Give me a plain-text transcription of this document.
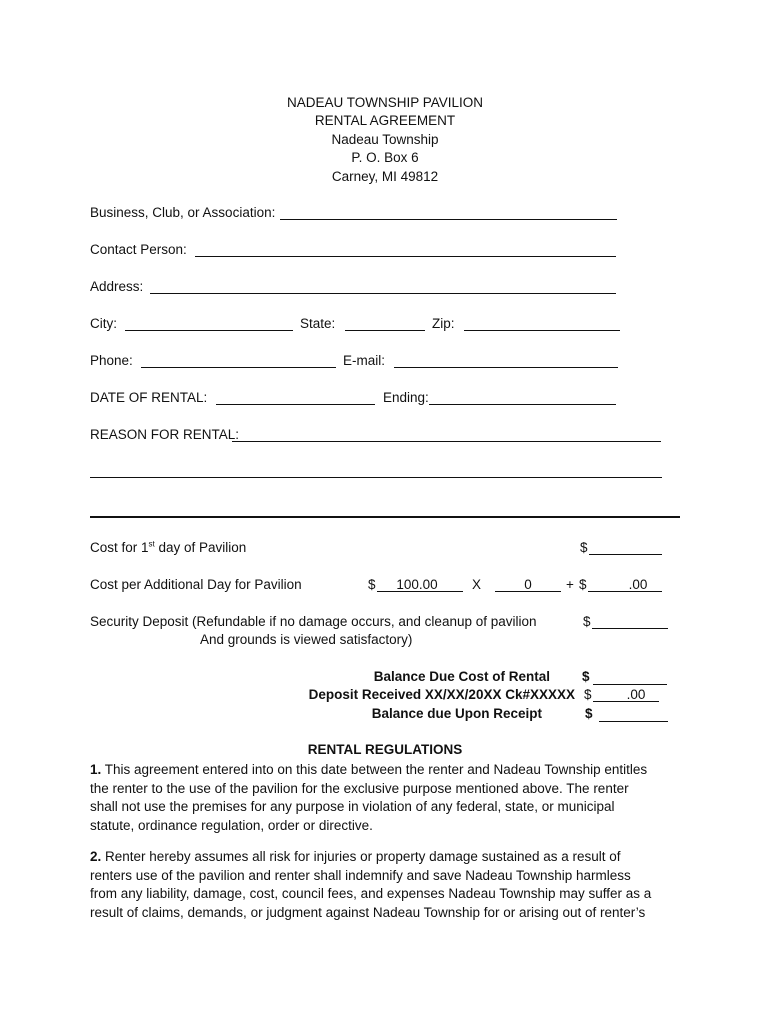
NADEAU TOWNSHIP PAVILION
RENTAL AGREEMENT
Nadeau Township
P. O. Box 6
Carney, MI 49812
Business, Club, or Association:
Contact Person:
Address:
City:	State:	Zip:
Phone:	E-mail:
DATE OF RENTAL:	Ending:
REASON FOR RENTAL:
Cost for 1st day of Pavilion	$
Cost per Additional Day for Pavilion	$	100.00	X	0	+ $	.00
Security Deposit (Refundable if no damage occurs, and cleanup of pavilion
And grounds is viewed satisfactory)
$
Balance Due Cost of Rental $
Deposit Received XX/XX/20XX Ck#XXXXX $	.00
Balance due Upon Receipt	$
RENTAL REGULATIONS
1. This agreement entered into on this date between the renter and Nadeau Township entitles
the renter to the use of the pavilion for the exclusive purpose mentioned above. The renter
shall not use the premises for any purpose in violation of any federal, state, or municipal
statute, ordinance regulation, order or directive.
2. Renter hereby assumes all risk for injuries or property damage sustained as a result of
renters use of the pavilion and renter shall indemnify and save Nadeau Township harmless
from any liability, damage, cost, council fees, and expenses Nadeau Township may suffer as a
result of claims, demands, or judgment against Nadeau Township for or arising out of renter’s
